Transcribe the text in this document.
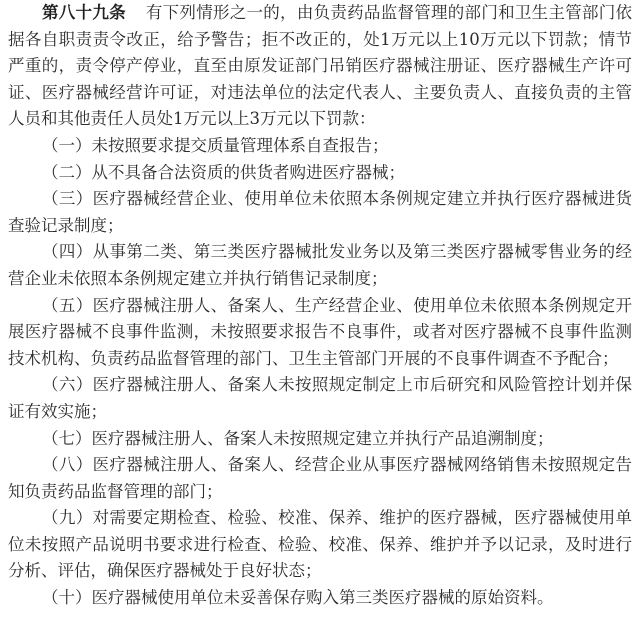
第八十九条 有下列情形之一的，由负责药品监督管理的部门和卫生主管部门依据各自职责责令改正，给予警告；拒不改正的，处1万元以上10万元以下罚款；情节严重的，责令停产停业，直至由原发证部门吊销医疗器械注册证、医疗器械生产许可证、医疗器械经营许可证，对违法单位的法定代表人、主要负责人、直接负责的主管人员和其他责任人员处1万元以上3万元以下罚款：

（一）未按照要求提交质量管理体系自查报告；

（二）从不具备合法资质的供货者购进医疗器械；

（三）医疗器械经营企业、使用单位未依照本条例规定建立并执行医疗器械进货查验记录制度；

（四）从事第二类、第三类医疗器械批发业务以及第三类医疗器械零售业务的经营企业未依照本条例规定建立并执行销售记录制度；

（五）医疗器械注册人、备案人、生产经营企业、使用单位未依照本条例规定开展医疗器械不良事件监测，未按照要求报告不良事件，或者对医疗器械不良事件监测技术机构、负责药品监督管理的部门、卫生主管部门开展的不良事件调查不予配合；

（六）医疗器械注册人、备案人未按照规定制定上市后研究和风险管控计划并保证有效实施；

（七）医疗器械注册人、备案人未按照规定建立并执行产品追溯制度；

（八）医疗器械注册人、备案人、经营企业从事医疗器械网络销售未按照规定告知负责药品监督管理的部门；

（九）对需要定期检查、检验、校准、保养、维护的医疗器械，医疗器械使用单位未按照产品说明书要求进行检查、检验、校准、保养、维护并予以记录，及时进行分析、评估，确保医疗器械处于良好状态；

（十）医疗器械使用单位未妥善保存购入第三类医疗器械的原始资料。
